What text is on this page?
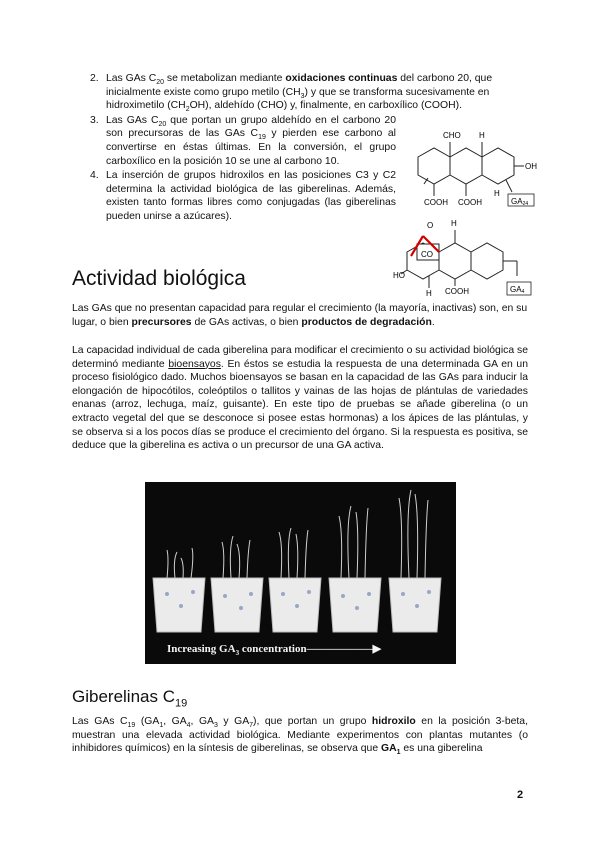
2. Las GAs $C_{20}$ se metabolizan mediante oxidaciones continuas del carbono 20, que inicialmente existe como grupo metilo $(CH_3)$ y que se transforma sucesivamente en hidroximetilo $(CH_2OH)$, aldehído (CHO) y, finalmente, en carboxílico (COOH).
3. Las GAs $C_{20}$ que portan un grupo aldehído en el carbono 20 son precursoras de las GAs $C_{19}$ y pierden ese carbono al convertirse en éstas últimas. En la conversión, el grupo carboxílico en la posición 10 se une al carbono 10.
4. La inserción de grupos hidroxilos en las posiciones C3 y C2 determina la actividad biológica de las giberelinas. Además, existen tanto formas libres como conjugadas (las giberelinas pueden unirse a azúcares).
CHO H
OH
COOH COOH
H
GA24
O
CO
H
HO
H COOH	GA4
Actividad biológica

Las GAs que no presentan capacidad para regular el crecimiento (la mayoría, inactivas) son, en su lugar, o bien precursores de GAs activas, o bien productos de degradación.

La capacidad individual de cada giberelina para modificar el crecimiento o su actividad biológica se determinó mediante bioensayos. En éstos se estudia la respuesta de una determinada GA en un proceso fisiológico dado. Muchos bioensayos se basan en la capacidad de las GAs para inducir la elongación de hipocótilos, coleóptilos o tallitos y vainas de las hojas de plántulas de variedades enanas (arroz, lechuga, maíz, guisante). En este tipo de pruebas se añade giberelina (o un extracto vegetal del que se desconoce si posee estas hormonas) a los ápices de las plántulas, y se observa si a los pocos días se produce el crecimiento del órgano. Si la respuesta es positiva, se deduce que la giberelina es activa o un precursor de una GA activa.

Increasing $GA_3$ concentration——————▶
Giberelinas $C_{19}$

Las GAs $C_{19}$ ($GA_1$, $GA_4$, $GA_3$ y $GA_7$), que portan un grupo hidroxilo en la posición 3-beta, muestran una elevada actividad biológica. Mediante experimentos con plantas mutantes (o inhibidores químicos) en la síntesis de giberelinas, se observa que $GA_1$ es una giberelina

2
